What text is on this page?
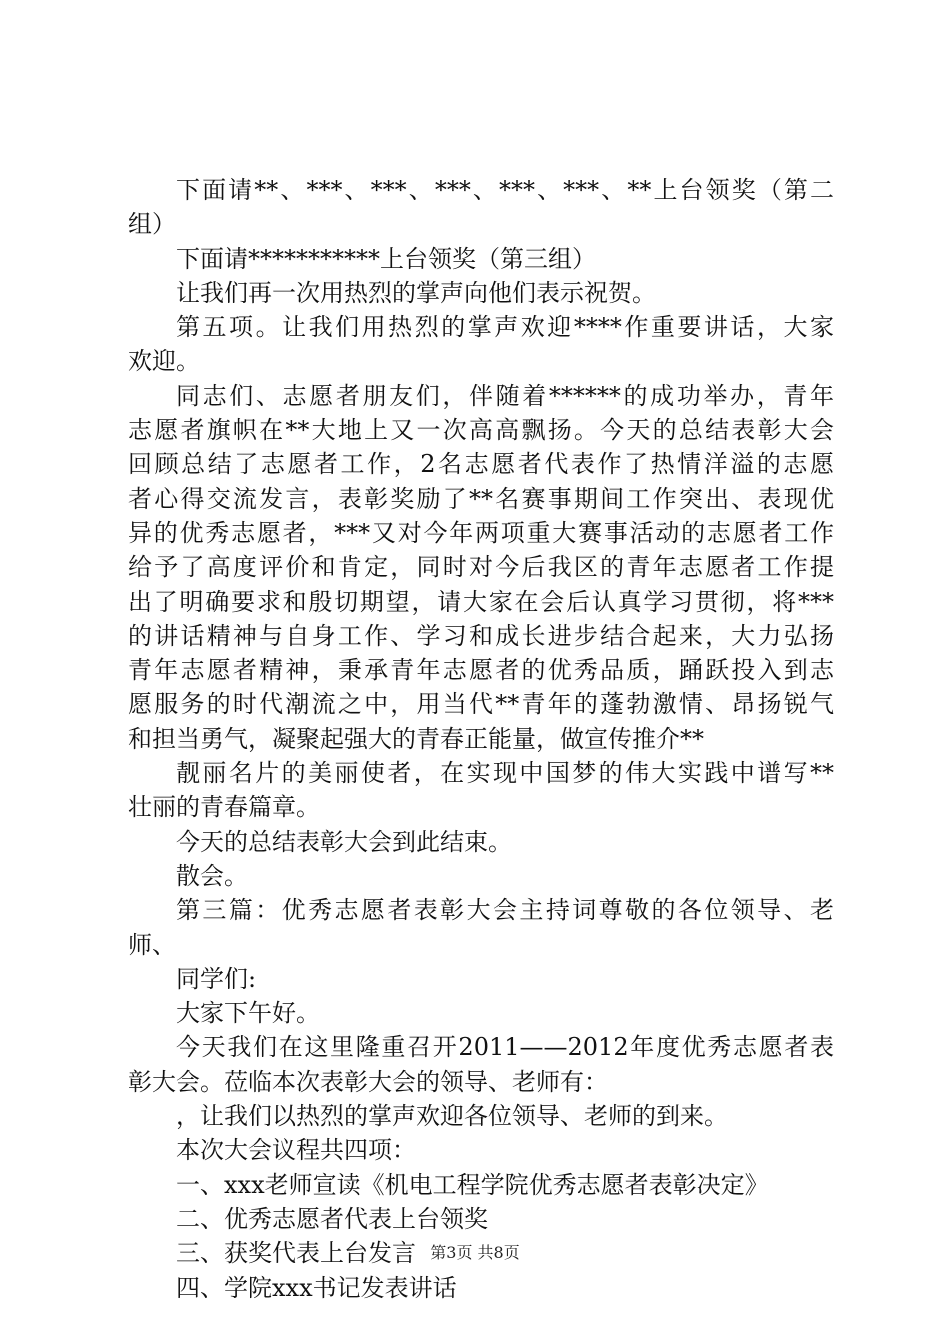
下面请**、***、***、***、***、***、**上台领奖（第二
组）
下面请***********上台领奖（第三组）
让我们再一次用热烈的掌声向他们表示祝贺。
第五项。让我们用热烈的掌声欢迎****作重要讲话，大家
欢迎。
同志们、志愿者朋友们，伴随着******的成功举办，青年
志愿者旗帜在**大地上又一次高高飘扬。今天的总结表彰大会
回顾总结了志愿者工作，2名志愿者代表作了热情洋溢的志愿
者心得交流发言，表彰奖励了**名赛事期间工作突出、表现优
异的优秀志愿者，***又对今年两项重大赛事活动的志愿者工作
给予了高度评价和肯定，同时对今后我区的青年志愿者工作提
出了明确要求和殷切期望，请大家在会后认真学习贯彻，将***
的讲话精神与自身工作、学习和成长进步结合起来，大力弘扬
青年志愿者精神，秉承青年志愿者的优秀品质，踊跃投入到志
愿服务的时代潮流之中，用当代**青年的蓬勃激情、昂扬锐气
和担当勇气，凝聚起强大的青春正能量，做宣传推介**
靓丽名片的美丽使者，在实现中国梦的伟大实践中谱写**
壮丽的青春篇章。
今天的总结表彰大会到此结束。
散会。
第三篇：优秀志愿者表彰大会主持词尊敬的各位领导、老
师、
同学们:
大家下午好。
今天我们在这里隆重召开2011——2012年度优秀志愿者表
彰大会。莅临本次表彰大会的领导、老师有：
，让我们以热烈的掌声欢迎各位领导、老师的到来。
本次大会议程共四项：
一、xxx老师宣读《机电工程学院优秀志愿者表彰决定》
二、优秀志愿者代表上台领奖
三、获奖代表上台发言
四、学院xxx书记发表讲话
第3页 共8页
